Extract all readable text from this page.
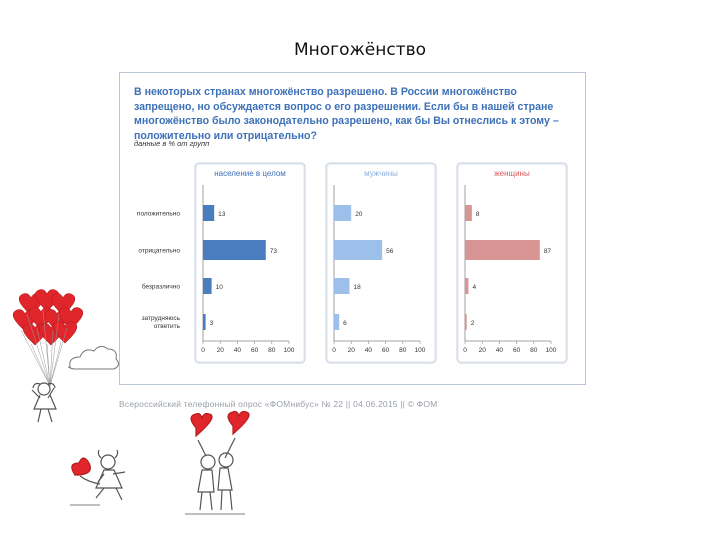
Многожёнство
В некоторых странах многожёнство разрешено. В России многожёнство запрещено, но обсуждается вопрос о его разрешении. Если бы в нашей стране многожёнство было законодательно разрешено, как бы Вы отнеслись к этому – положительно или отрицательно?
данные в % от групп
положительно
отрицательно
безразлично
затрудняюсь
ответить
население в целом
13
73
10
3
0 20 40 60 80 100
мужчины
20
56
18
6
0 20 40 60 80 100
женщины
8
87
4
2
0 20 40 60 80 100
Всероссийский телефонный опрос «ФОМнибус» № 22 || 04.06.2015 || © ФОМ
